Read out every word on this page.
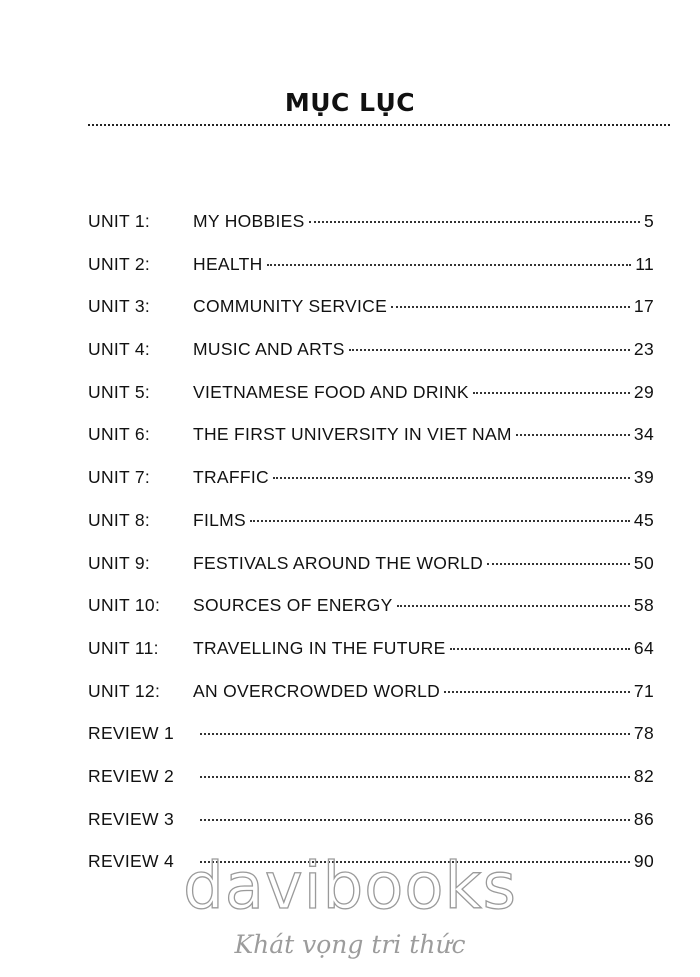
MỤC LỤC
UNIT 1:	MY HOBBIES	5
UNIT 2:	HEALTH	11
UNIT 3:	COMMUNITY SERVICE	17
UNIT 4:	MUSIC AND ARTS	23
UNIT 5:	VIETNAMESE FOOD AND DRINK	29
UNIT 6:	THE FIRST UNIVERSITY IN VIET NAM	34
UNIT 7:	TRAFFIC	39
UNIT 8:	FILMS	45
UNIT 9:	FESTIVALS AROUND THE WORLD	50
UNIT 10:	SOURCES OF ENERGY	58
UNIT 11:	TRAVELLING IN THE FUTURE	64
UNIT 12:	AN OVERCROWDED WORLD	71
REVIEW 1	78
REVIEW 2	82
REVIEW 3	86
REVIEW 4	90
davibooks
Khát vọng tri thức
